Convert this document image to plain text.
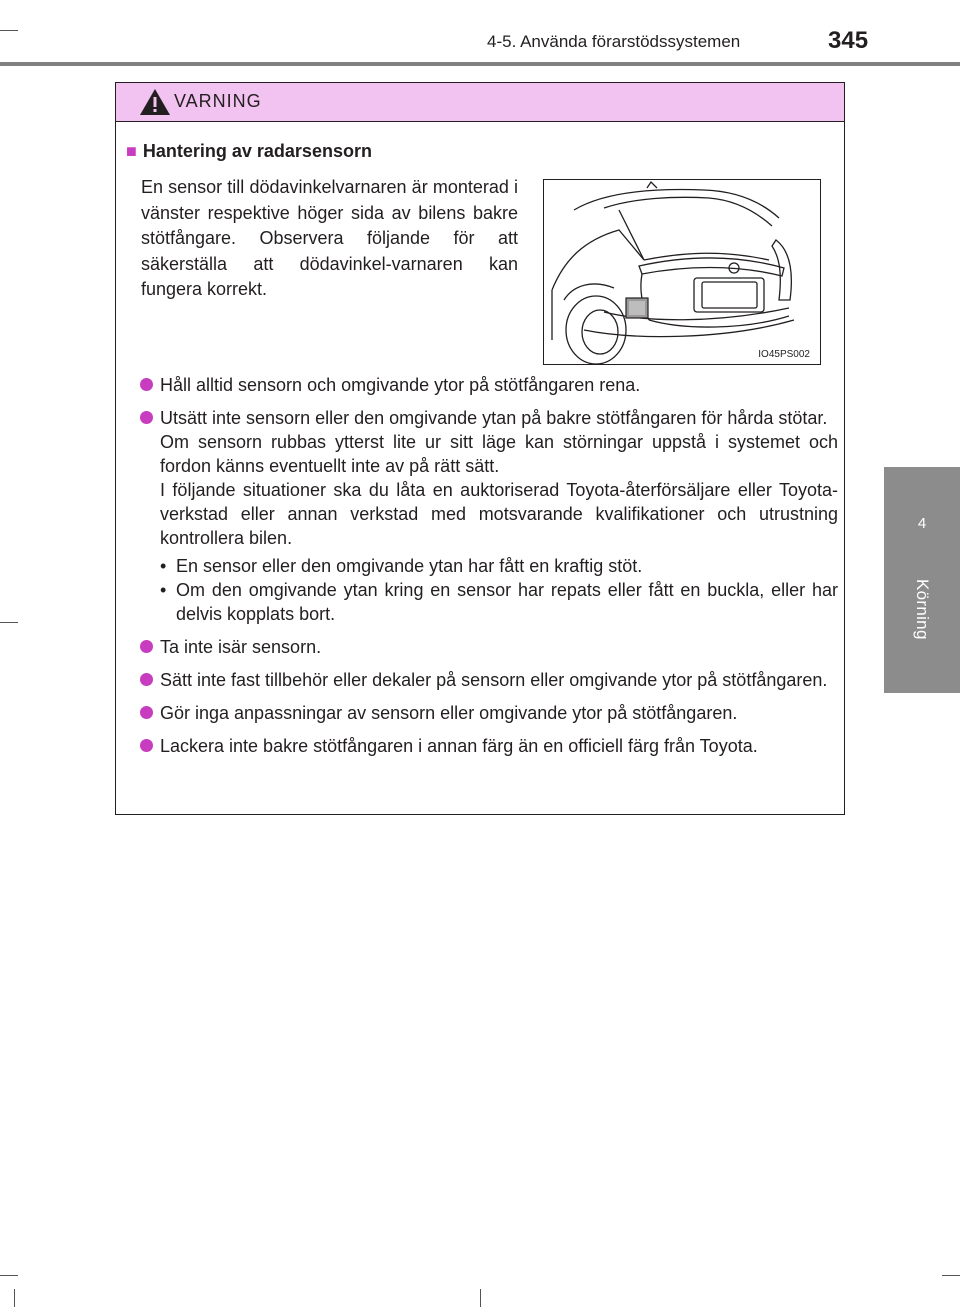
4-5. Använda förarstödssystemen	345
4
Körning
VARNING
■ Hantering av radarsensorn
En sensor till dödavinkelvarnaren är monterad i vänster respektive höger sida av bilens bakre stötfångare. Observera följande för att säkerställa att dödavinkel-varnaren kan fungera korrekt.
IO45PS002

Håll alltid sensorn och omgivande ytor på stötfångaren rena.

Utsätt inte sensorn eller den omgivande ytan på bakre stötfångaren för hårda stötar.

Om sensorn rubbas ytterst lite ur sitt läge kan störningar uppstå i systemet och fordon känns eventuellt inte av på rätt sätt.

I följande situationer ska du låta en auktoriserad Toyota-återförsäljare eller Toyota-verkstad eller annan verkstad med motsvarande kvalifikationer och utrustning kontrollera bilen.

• En sensor eller den omgivande ytan har fått en kraftig stöt.
• Om den omgivande ytan kring en sensor har repats eller fått en buckla, eller har delvis kopplats bort.

Ta inte isär sensorn.

Sätt inte fast tillbehör eller dekaler på sensorn eller omgivande ytor på stötfångaren.

Gör inga anpassningar av sensorn eller omgivande ytor på stötfångaren.

Lackera inte bakre stötfångaren i annan färg än en officiell färg från Toyota.
